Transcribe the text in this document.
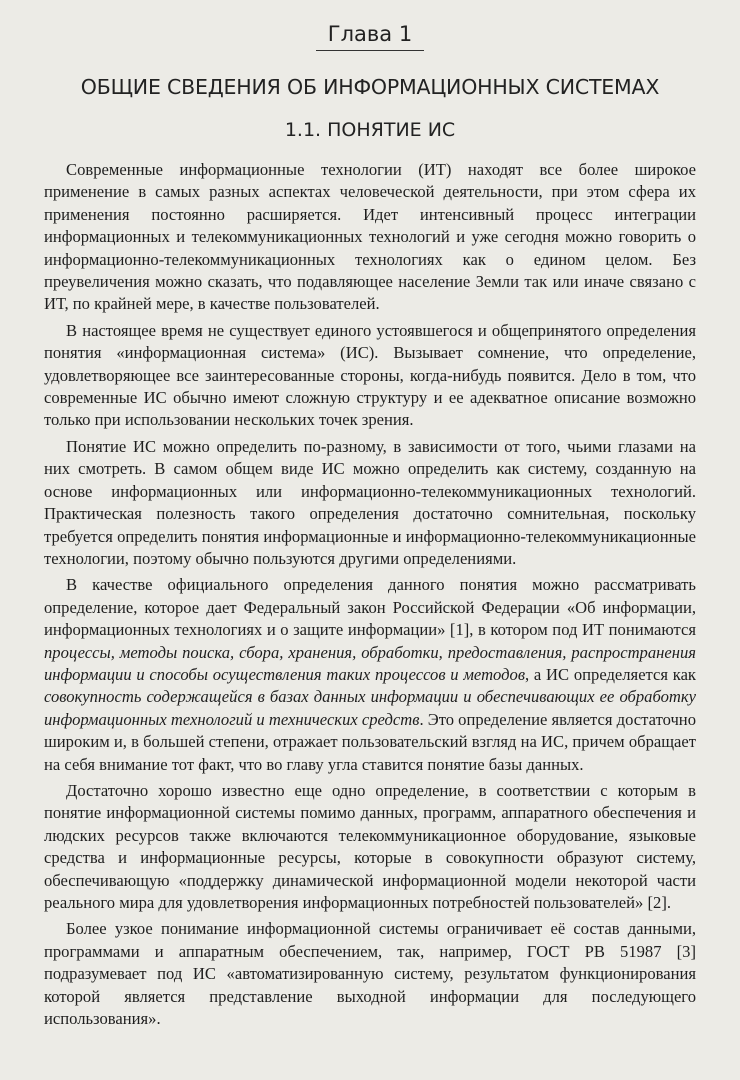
Глава 1
ОБЩИЕ СВЕДЕНИЯ ОБ ИНФОРМАЦИОННЫХ СИСТЕМАХ
1.1. ПОНЯТИЕ ИС

Современные информационные технологии (ИТ) находят все более широкое применение в самых разных аспектах человеческой деятельности, при этом сфера их применения постоянно расширяется. Идет интенсивный процесс интеграции информационных и телекоммуникационных технологий и уже сегодня можно говорить о информационно-телекоммуникационных технологиях как о едином целом. Без преувеличения можно сказать, что подавляющее население Земли так или иначе связано с ИТ, по крайней мере, в качестве пользователей.

В настоящее время не существует единого устоявшегося и общепринятого определения понятия «информационная система» (ИС). Вызывает сомнение, что определение, удовлетворяющее все заинтересованные стороны, когда-нибудь появится. Дело в том, что современные ИС обычно имеют сложную структуру и ее адекватное описание возможно только при использовании нескольких точек зрения.

Понятие ИС можно определить по-разному, в зависимости от того, чьими глазами на них смотреть. В самом общем виде ИС можно определить как систему, созданную на основе информационных или информационно-телекоммуникационных технологий. Практическая полезность такого определения достаточно сомнительная, поскольку требуется определить понятия информационные и информационно-телекоммуникационные технологии, поэтому обычно пользуются другими определениями.

В качестве официального определения данного понятия можно рассматривать определение, которое дает Федеральный закон Российской Федерации «Об информации, информационных технологиях и о защите информации» [1], в котором под ИТ понимаются процессы, методы поиска, сбора, хранения, обработки, предоставления, распространения информации и способы осуществления таких процессов и методов, а ИС определяется как совокупность содержащейся в базах данных информации и обеспечивающих ее обработку информационных технологий и технических средств. Это определение является достаточно широким и, в большей степени, отражает пользовательский взгляд на ИС, причем обращает на себя внимание тот факт, что во главу угла ставится понятие базы данных.

Достаточно хорошо известно еще одно определение, в соответствии с которым в понятие информационной системы помимо данных, программ, аппаратного обеспечения и людских ресурсов также включаются телекоммуникационное оборудование, языковые средства и информационные ресурсы, которые в совокупности образуют систему, обеспечивающую «поддержку динамической информационной модели некоторой части реального мира для удовлетворения информационных потребностей пользователей» [2].

Более узкое понимание информационной системы ограничивает её состав данными, программами и аппаратным обеспечением, так, например, ГОСТ РВ 51987 [3] подразумевает под ИС «автоматизированную систему, результатом функционирования которой является представление выходной информации для последующего использования».
